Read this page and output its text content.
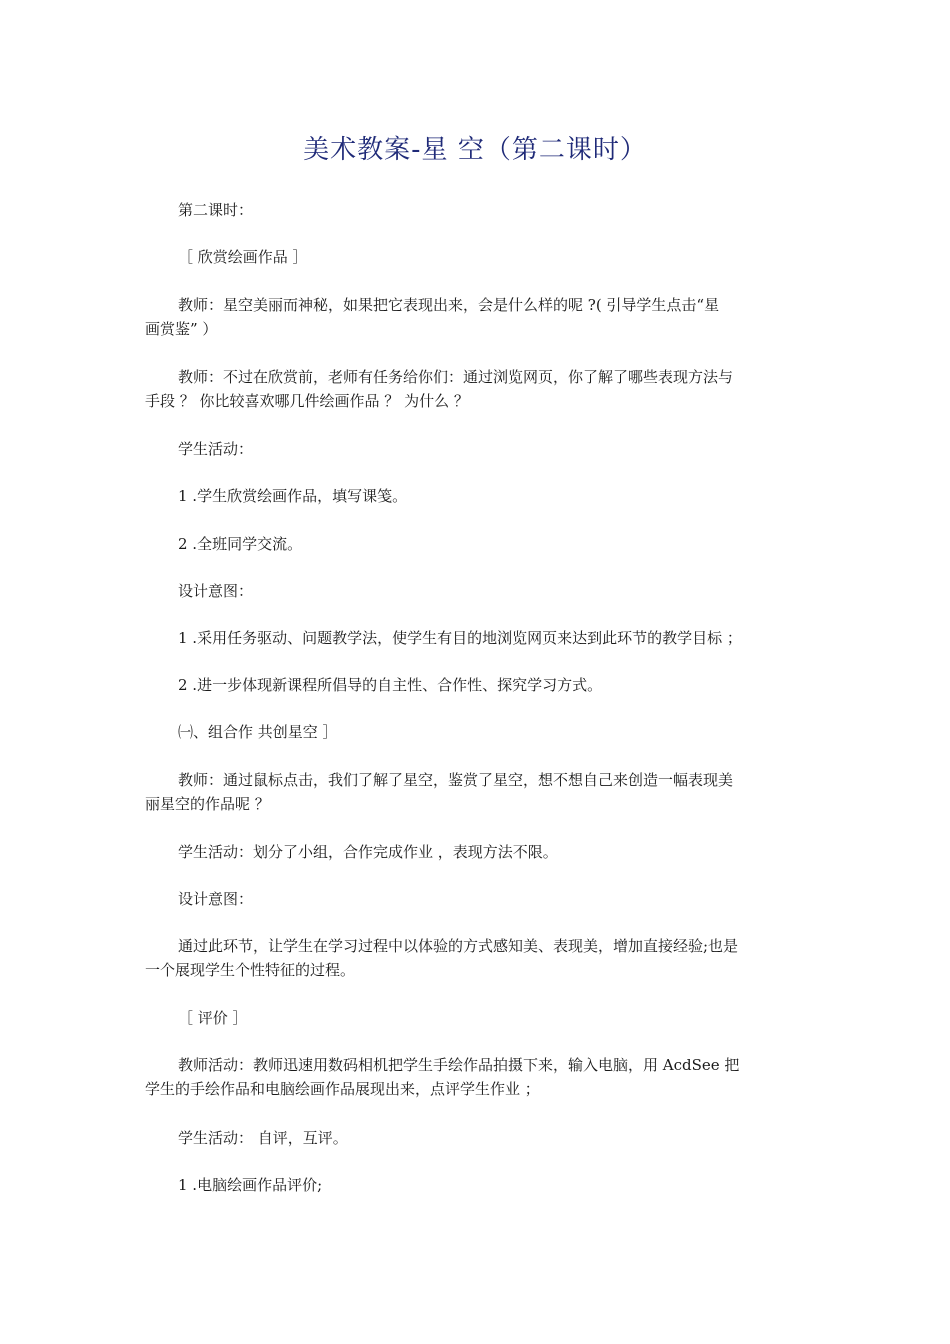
美术教案-星 空（第二课时）
第二课时：
［ 欣赏绘画作品 ］
教师：星空美丽而神秘，如果把它表现出来，会是什么样的呢 ?( 引导学生点击“星
画赏鉴” ）
教师：不过在欣赏前，老师有任务给你们：通过浏览网页，你了解了哪些表现方法与
手段 ？ 你比较喜欢哪几件绘画作品 ？ 为什么 ？
学生活动：
1 .学生欣赏绘画作品，填写课笺。
2 .全班同学交流。
设计意图：
1 .采用任务驱动、问题教学法，使学生有目的地浏览网页来达到此环节的教学目标 ；
2 .进一步体现新课程所倡导的自主性、合作性、探究学习方式。
㈠、组合作 共创星空 ］
教师：通过鼠标点击，我们了解了星空，鉴赏了星空，想不想自己来创造一幅表现美
丽星空的作品呢 ？
学生活动：划分了小组，合作完成作业 ，表现方法不限。
设计意图：
通过此环节，让学生在学习过程中以体验的方式感知美、表现美，增加直接经验;也是
一个展现学生个性特征的过程。
［ 评价 ］
教师活动：教师迅速用数码相机把学生手绘作品拍摄下来，输入电脑，用 AcdSee 把
学生的手绘作品和电脑绘画作品展现出来，点评学生作业 ；
学生活动： 自评，互评。
1 .电脑绘画作品评价;
